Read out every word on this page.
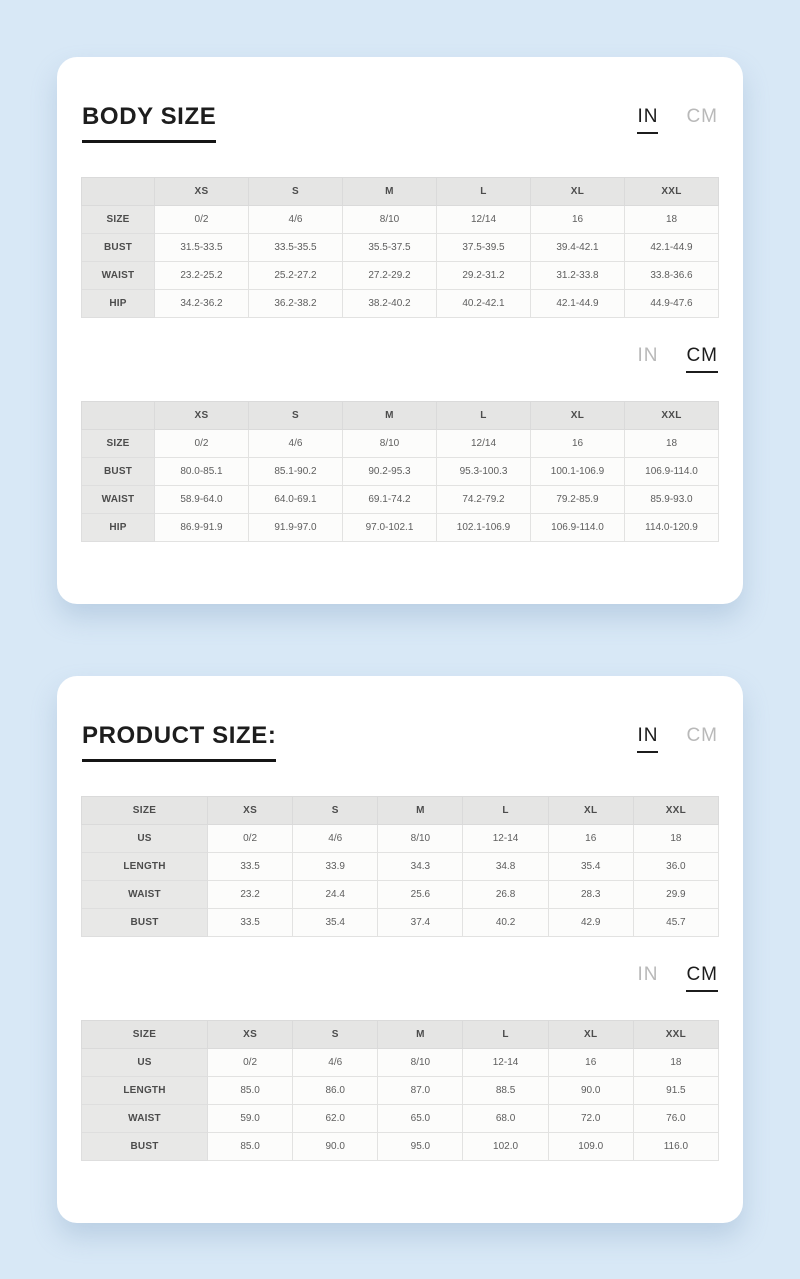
BODY SIZE	IN CM
	XS	S	M	L	XL	XXL
SIZE	0/2	4/6	8/10	12/14	16	18
BUST	31.5-33.5	33.5-35.5	35.5-37.5	37.5-39.5	39.4-42.1	42.1-44.9
WAIST	23.2-25.2	25.2-27.2	27.2-29.2	29.2-31.2	31.2-33.8	33.8-36.6
HIP	34.2-36.2	36.2-38.2	38.2-40.2	40.2-42.1	42.1-44.9	44.9-47.6
IN CM
	XS	S	M	L	XL	XXL
SIZE	0/2	4/6	8/10	12/14	16	18
BUST	80.0-85.1	85.1-90.2	90.2-95.3	95.3-100.3	100.1-106.9	106.9-114.0
WAIST	58.9-64.0	64.0-69.1	69.1-74.2	74.2-79.2	79.2-85.9	85.9-93.0
HIP	86.9-91.9	91.9-97.0	97.0-102.1	102.1-106.9	106.9-114.0	114.0-120.9
PRODUCT SIZE:	IN CM
SIZE	XS	S	M	L	XL	XXL
US	0/2	4/6	8/10	12-14	16	18
LENGTH	33.5	33.9	34.3	34.8	35.4	36.0
WAIST	23.2	24.4	25.6	26.8	28.3	29.9
BUST	33.5	35.4	37.4	40.2	42.9	45.7
IN CM
SIZE	XS	S	M	L	XL	XXL
US	0/2	4/6	8/10	12-14	16	18
LENGTH	85.0	86.0	87.0	88.5	90.0	91.5
WAIST	59.0	62.0	65.0	68.0	72.0	76.0
BUST	85.0	90.0	95.0	102.0	109.0	116.0
